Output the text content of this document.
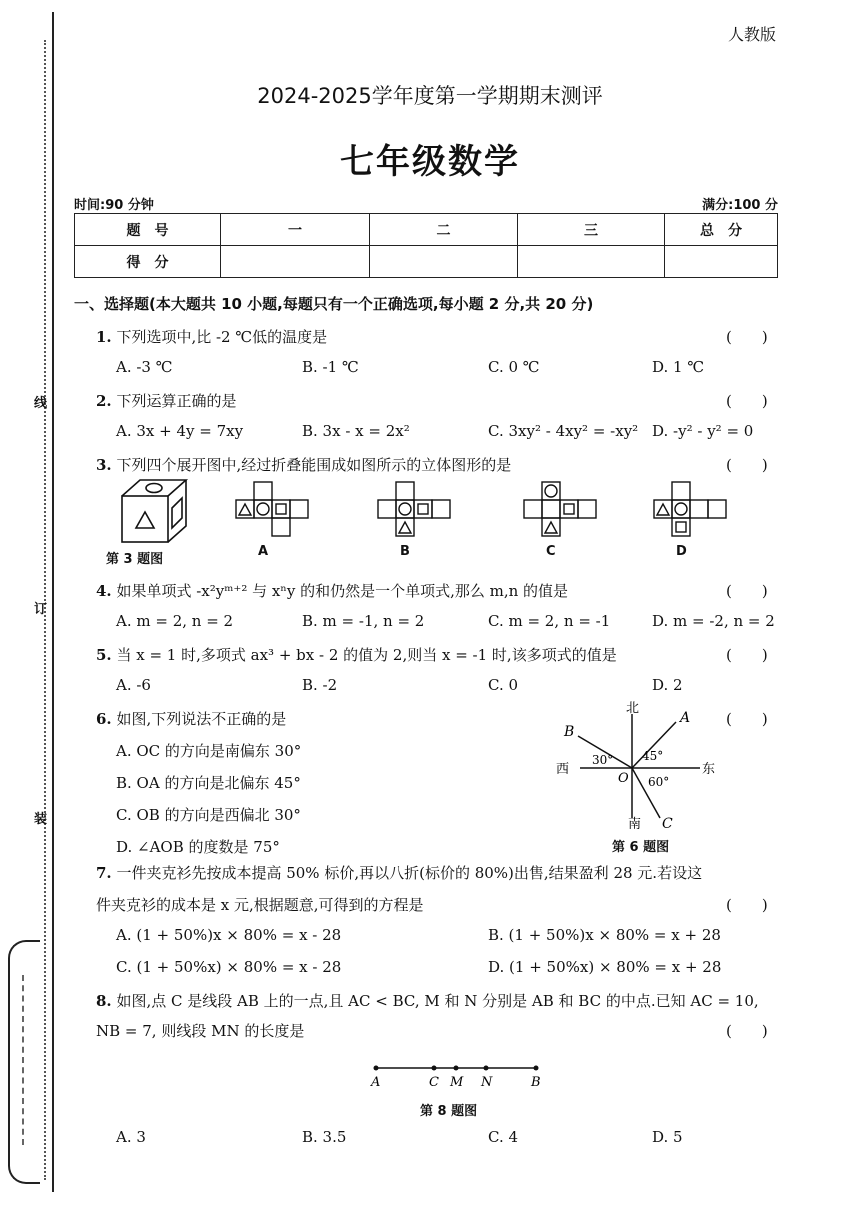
线
订
装
人教版
2024-2025学年度第一学期期末测评
七年级数学
时间:90 分钟	满分:100 分
题　号	一	二	三	总　分
得　分				
一、选择题(本大题共 10 小题,每题只有一个正确选项,每小题 2 分,共 20 分)
1. 下列选项中,比 -2 ℃低的温度是	(　　)
A. -3 ℃	B. -1 ℃	C. 0 ℃	D. 1 ℃
2. 下列运算正确的是	(　　)
A. 3x + 4y = 7xy	B. 3x - x = 2x²	C. 3xy² - 4xy² = -xy² D. -y² - y² = 0
3. 下列四个展开图中,经过折叠能围成如图所示的立体图形的是	(　　)
第 3 题图
A	B	C	D
4. 如果单项式 -x²yᵐ⁺² 与 xⁿy 的和仍然是一个单项式,那么 m,n 的值是	(　　)
A. m = 2, n = 2	B. m = -1, n = 2	C. m = 2, n = -1	D. m = -2, n = 2
5. 当 x = 1 时,多项式 ax³ + bx - 2 的值为 2,则当 x = -1 时,该多项式的值是	(　　)
A. -6	B. -2	C. 0	D. 2
6. 如图,下列说法不正确的是	(　　)
A. OC 的方向是南偏东 30°
B. OA 的方向是北偏东 45°
C. OB 的方向是西偏北 30°
D. ∠AOB 的度数是 75°
北
南
西	东
A
B
C
O
30° 45°
60°
第 6 题图
7. 一件夹克衫先按成本提高 50% 标价,再以八折(标价的 80%)出售,结果盈利 28 元.若设这
件夹克衫的成本是 x 元,根据题意,可得到的方程是	(　　)
A. (1 + 50%)x × 80% = x - 28	B. (1 + 50%)x × 80% = x + 28
C. (1 + 50%x) × 80% = x - 28	D. (1 + 50%x) × 80% = x + 28
8. 如图,点 C 是线段 AB 上的一点,且 AC < BC, M 和 N 分别是 AB 和 BC 的中点.已知 AC = 10,
NB = 7, 则线段 MN 的长度是	(　　)
A	C M N	B
第 8 题图
A. 3	B. 3.5	C. 4	D. 5
